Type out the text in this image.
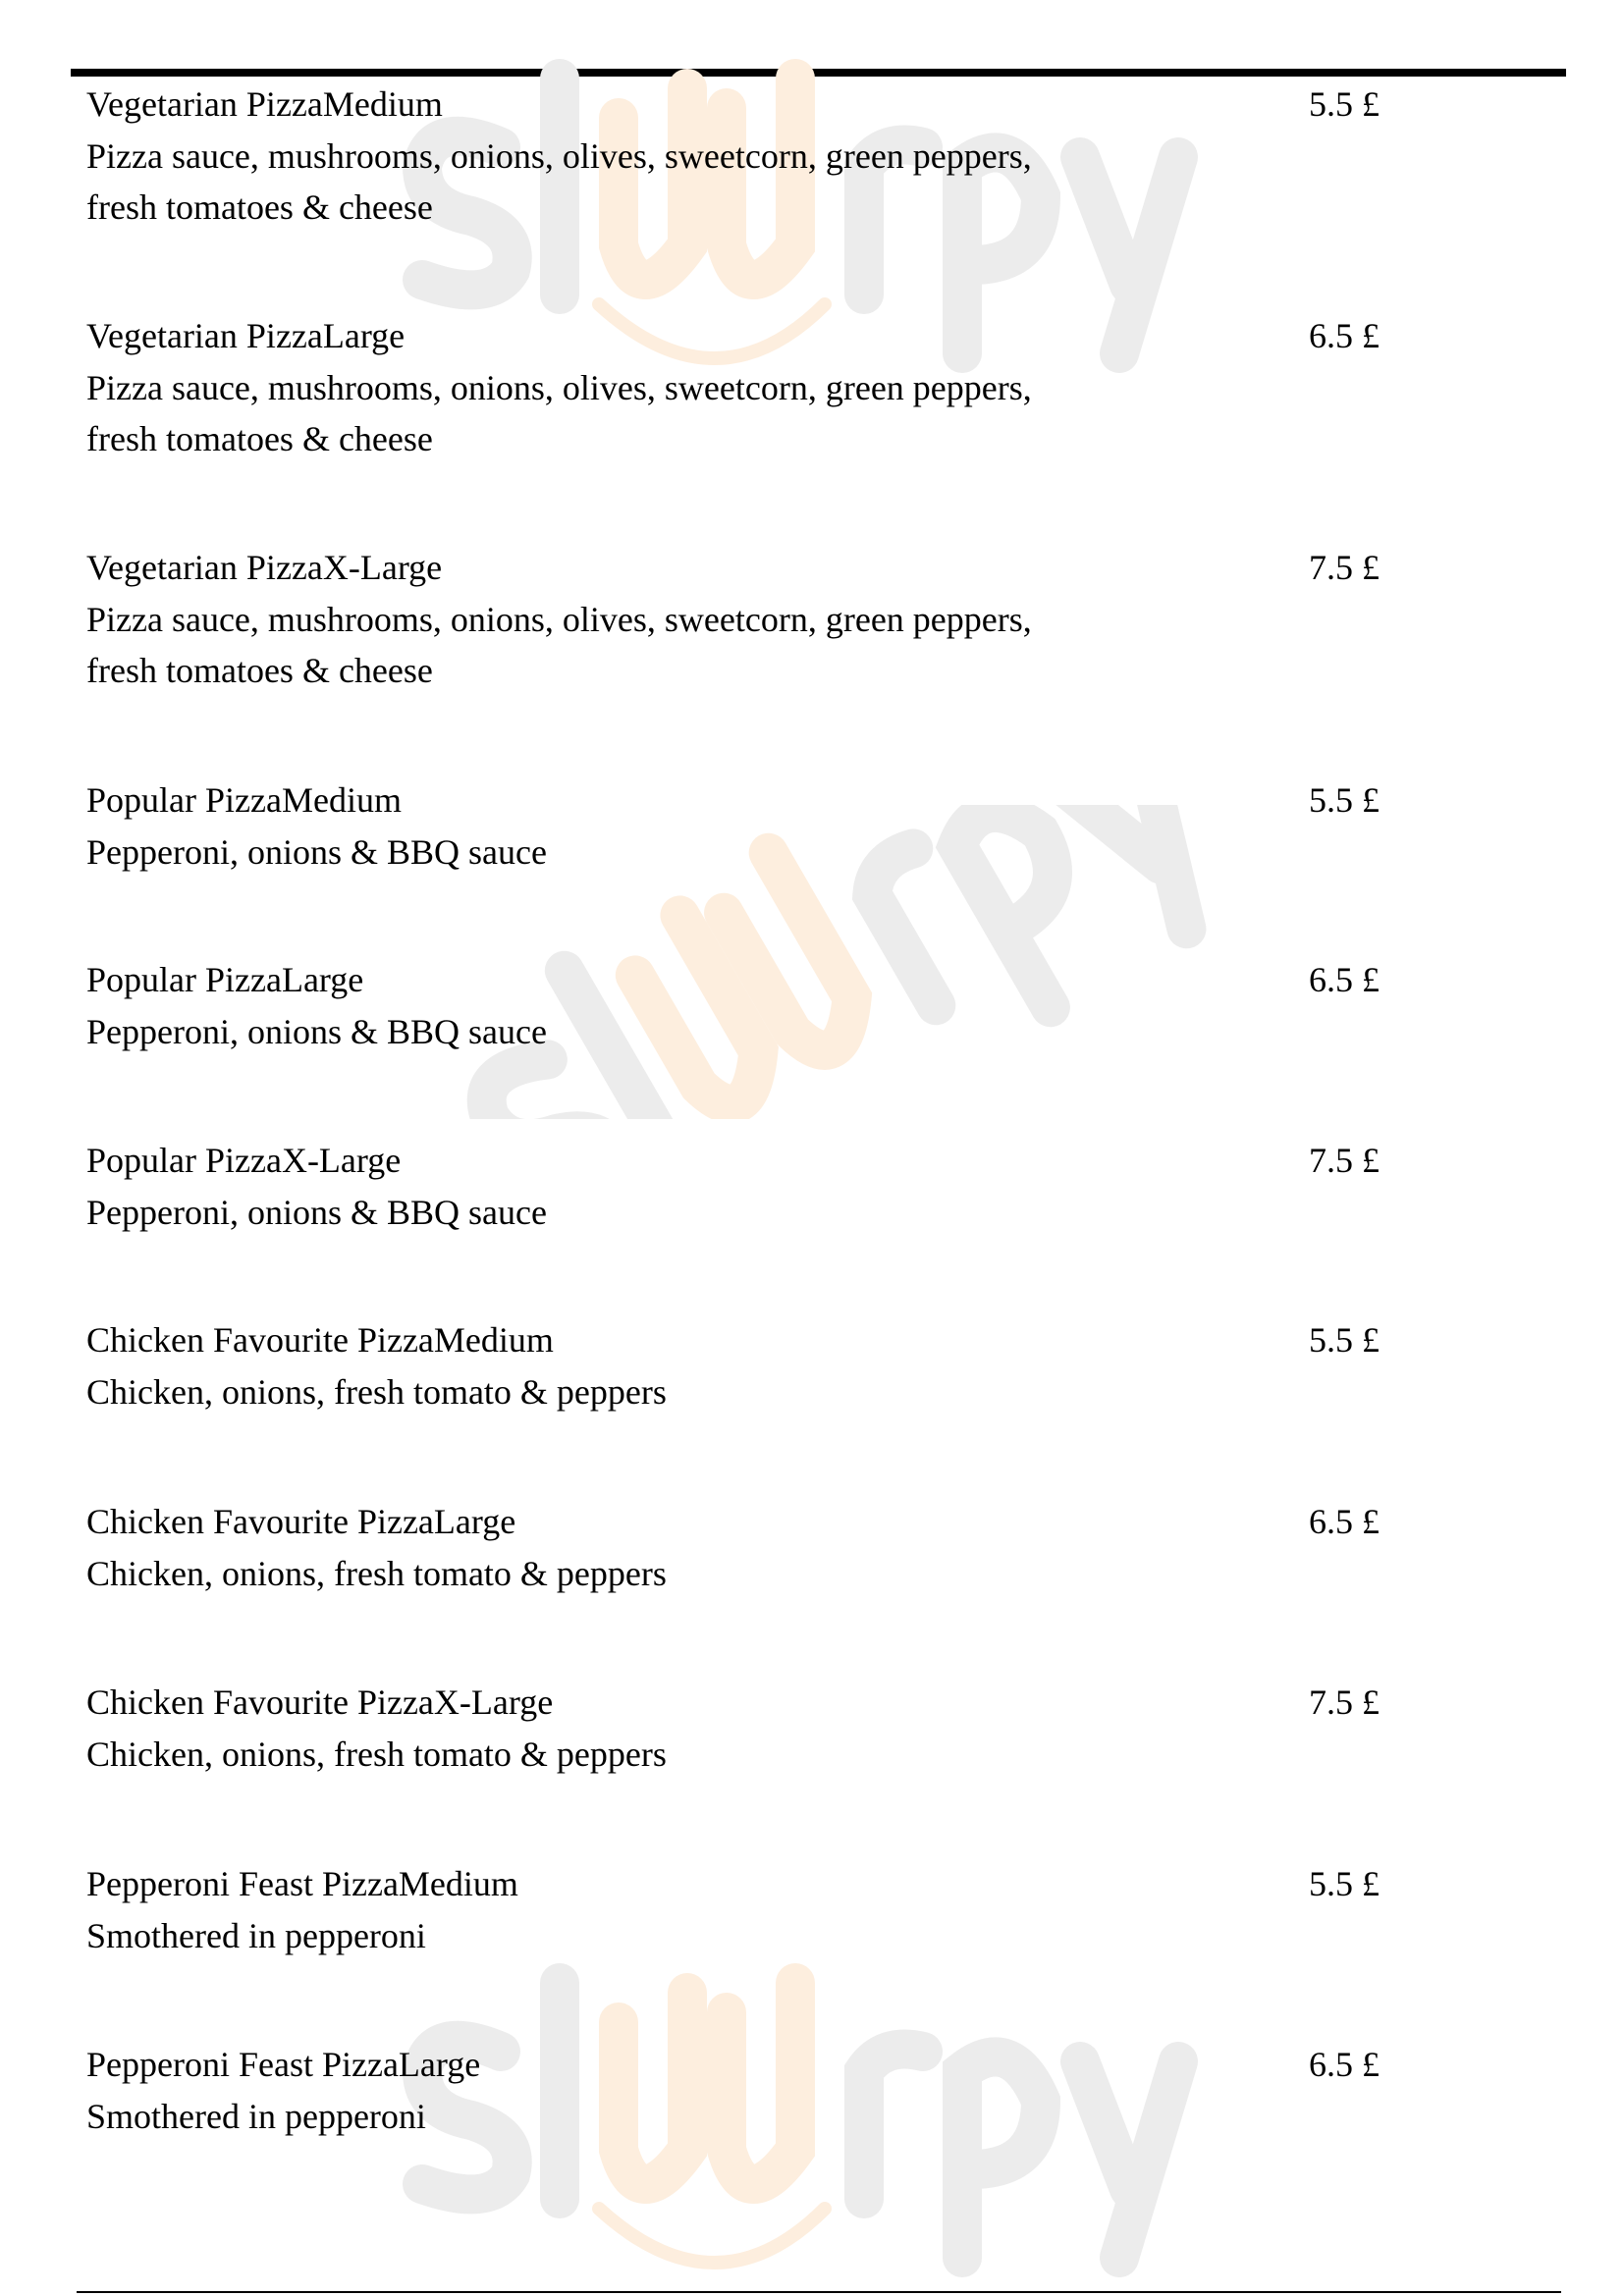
Vegetarian PizzaMedium
Pizza sauce, mushrooms, onions, olives, sweetcorn, green peppers,
fresh tomatoes & cheese
5.5 £
Vegetarian PizzaLarge
Pizza sauce, mushrooms, onions, olives, sweetcorn, green peppers,
fresh tomatoes & cheese
6.5 £
Vegetarian PizzaX-Large
Pizza sauce, mushrooms, onions, olives, sweetcorn, green peppers,
fresh tomatoes & cheese
7.5 £
Popular PizzaMedium
Pepperoni, onions & BBQ sauce
5.5 £
Popular PizzaLarge
Pepperoni, onions & BBQ sauce
6.5 £
Popular PizzaX-Large
Pepperoni, onions & BBQ sauce
7.5 £
Chicken Favourite PizzaMedium
Chicken, onions, fresh tomato & peppers
5.5 £
Chicken Favourite PizzaLarge
Chicken, onions, fresh tomato & peppers
6.5 £
Chicken Favourite PizzaX-Large
Chicken, onions, fresh tomato & peppers
7.5 £
Pepperoni Feast PizzaMedium
Smothered in pepperoni
5.5 £
Pepperoni Feast PizzaLarge
Smothered in pepperoni
6.5 £
